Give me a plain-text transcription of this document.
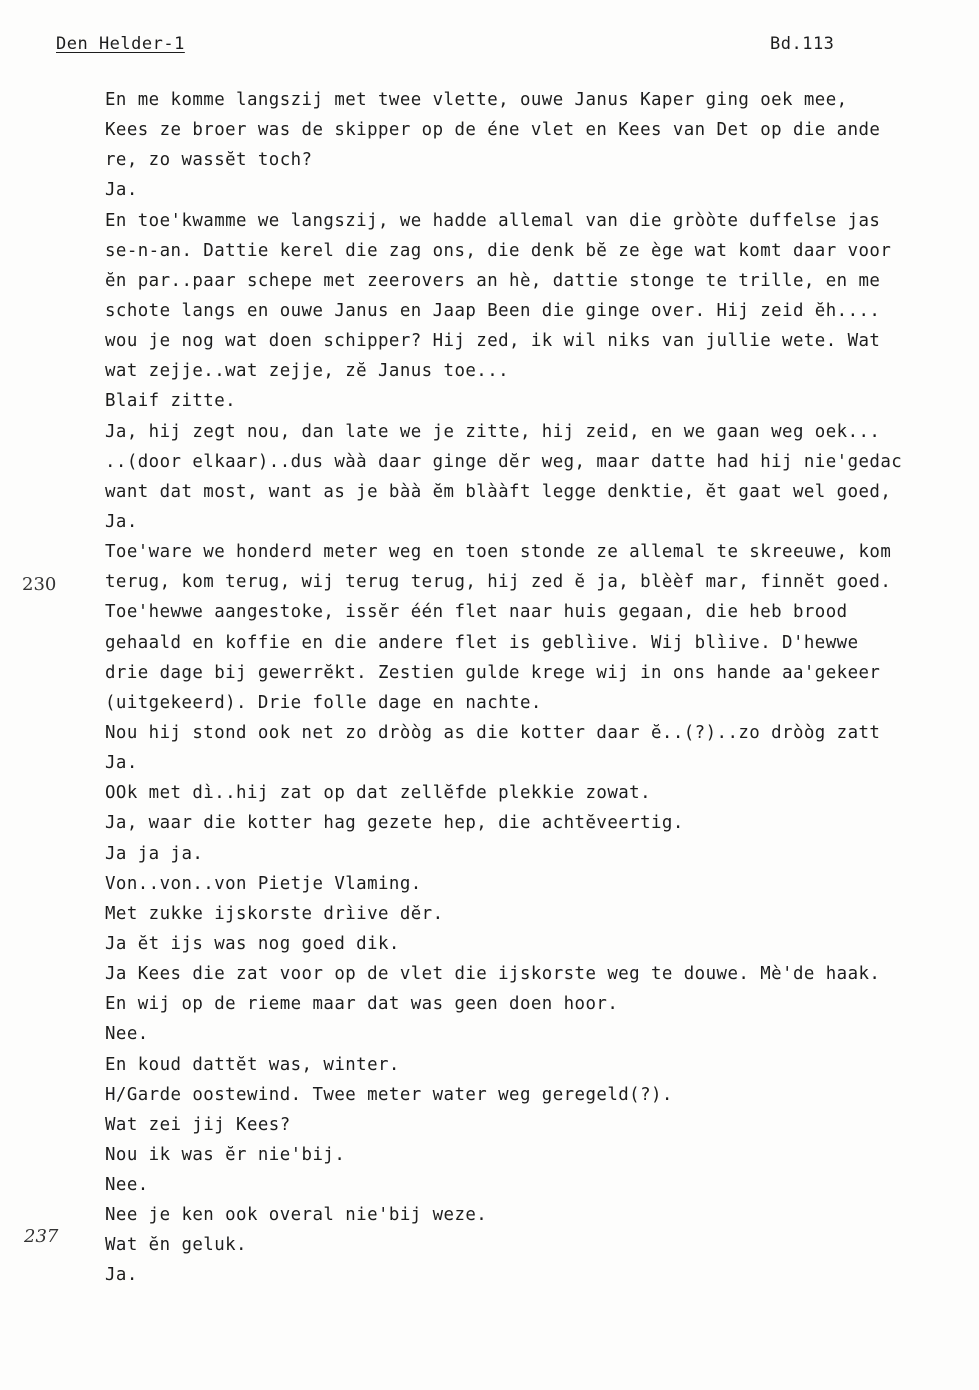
Den Helder-1	Bd.113
230
237
En me komme langszij met twee vlette, ouwe Janus Kaper ging oek mee,
Kees ze broer was de skipper op de éne vlet en Kees van Det op die ande
re, zo wassĕt toch?
Ja.
En toe'kwamme we langszij, we hadde allemal van die gròòte duffelse jas
se-n-an. Dattie kerel die zag ons, die denk bĕ ze ège wat komt daar voor
ĕn par..paar schepe met zeerovers an hè, dattie stonge te trille, en me
schote langs en ouwe Janus en Jaap Been die ginge over. Hij zeid ĕh....
wou je nog wat doen schipper? Hij zed, ik wil niks van jullie wete. Wat
wat zejje..wat zejje, zĕ Janus toe...
Blaif zitte.
Ja, hij zegt nou, dan late we je zitte, hij zeid, en we gaan weg oek...
..(door elkaar)..dus wàà daar ginge dĕr weg, maar datte had hij nie'gedac
want dat most, want as je bàà ĕm blààft legge denktie, ĕt gaat wel goed,
Ja.
Toe'ware we honderd meter weg en toen stonde ze allemal te skreeuwe, kom
terug, kom terug, wij terug terug, hij zed ĕ ja, blèèf mar, finnĕt goed.
Toe'hewwe aangestoke, issĕr één flet naar huis gegaan, die heb brood
gehaald en koffie en die andere flet is geblìive. Wij blìive. D'hewwe
drie dage bij gewerrĕkt. Zestien gulde krege wij in ons hande aa'gekeer
(uitgekeerd). Drie folle dage en nachte.
Nou hij stond ook net zo dròòg as die kotter daar ĕ..(?)..zo dròòg zatt
Ja.
OOk met dì..hij zat op dat zellĕfde plekkie zowat.
Ja, waar die kotter hag gezete hep, die achtĕveertig.
Ja ja ja.
Von..von..von Pietje Vlaming.
Met zukke ijskorste drìive dĕr.
Ja ĕt ijs was nog goed dik.
Ja Kees die zat voor op de vlet die ijskorste weg te douwe. Mè'de haak.
En wij op de rieme maar dat was geen doen hoor.
Nee.
En koud dattĕt was, winter.
H/Garde oostewind. Twee meter water weg geregeld(?).
Wat zei jij Kees?
Nou ik was ĕr nie'bij.
Nee.
Nee je ken ook overal nie'bij weze.
Wat ĕn geluk.
Ja.
